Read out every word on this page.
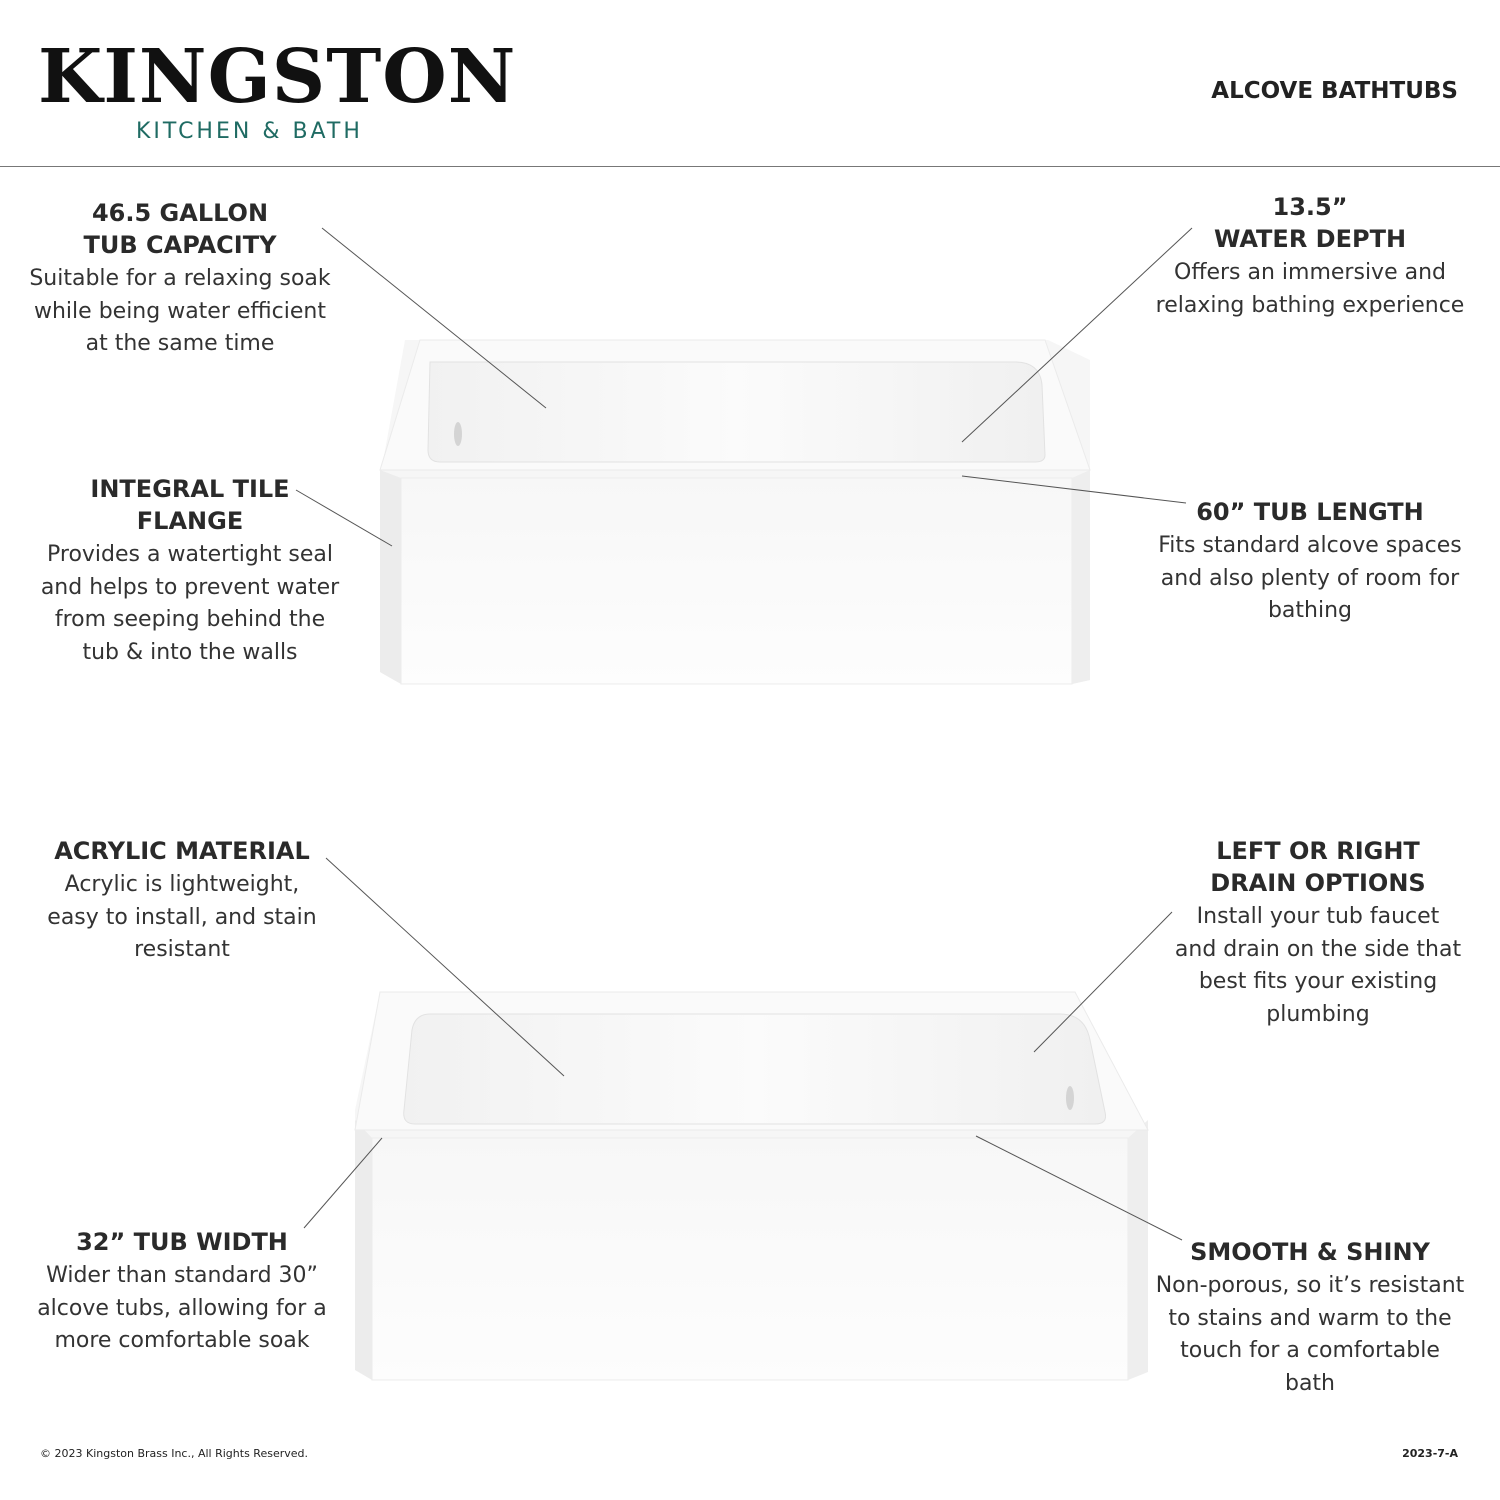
KINGSTON
KITCHEN & BATH
ALCOVE BATHTUBS
46.5 GALLON
TUB CAPACITY
Suitable for a relaxing soak
while being water efficient
at the same time
13.5”
WATER DEPTH
Offers an immersive and
relaxing bathing experience
INTEGRAL TILE
FLANGE
Provides a watertight seal
and helps to prevent water
from seeping behind the
tub & into the walls
60” TUB LENGTH
Fits standard alcove spaces
and also plenty of room for
bathing
ACRYLIC MATERIAL
Acrylic is lightweight,
easy to install, and stain
resistant
LEFT OR RIGHT
DRAIN OPTIONS
Install your tub faucet
and drain on the side that
best fits your existing
plumbing
32” TUB WIDTH
Wider than standard 30”
alcove tubs, allowing for a
more comfortable soak
SMOOTH & SHINY
Non-porous, so it’s resistant
to stains and warm to the
touch for a comfortable
bath
© 2023 Kingston Brass Inc., All Rights Reserved.	2023-7-A
